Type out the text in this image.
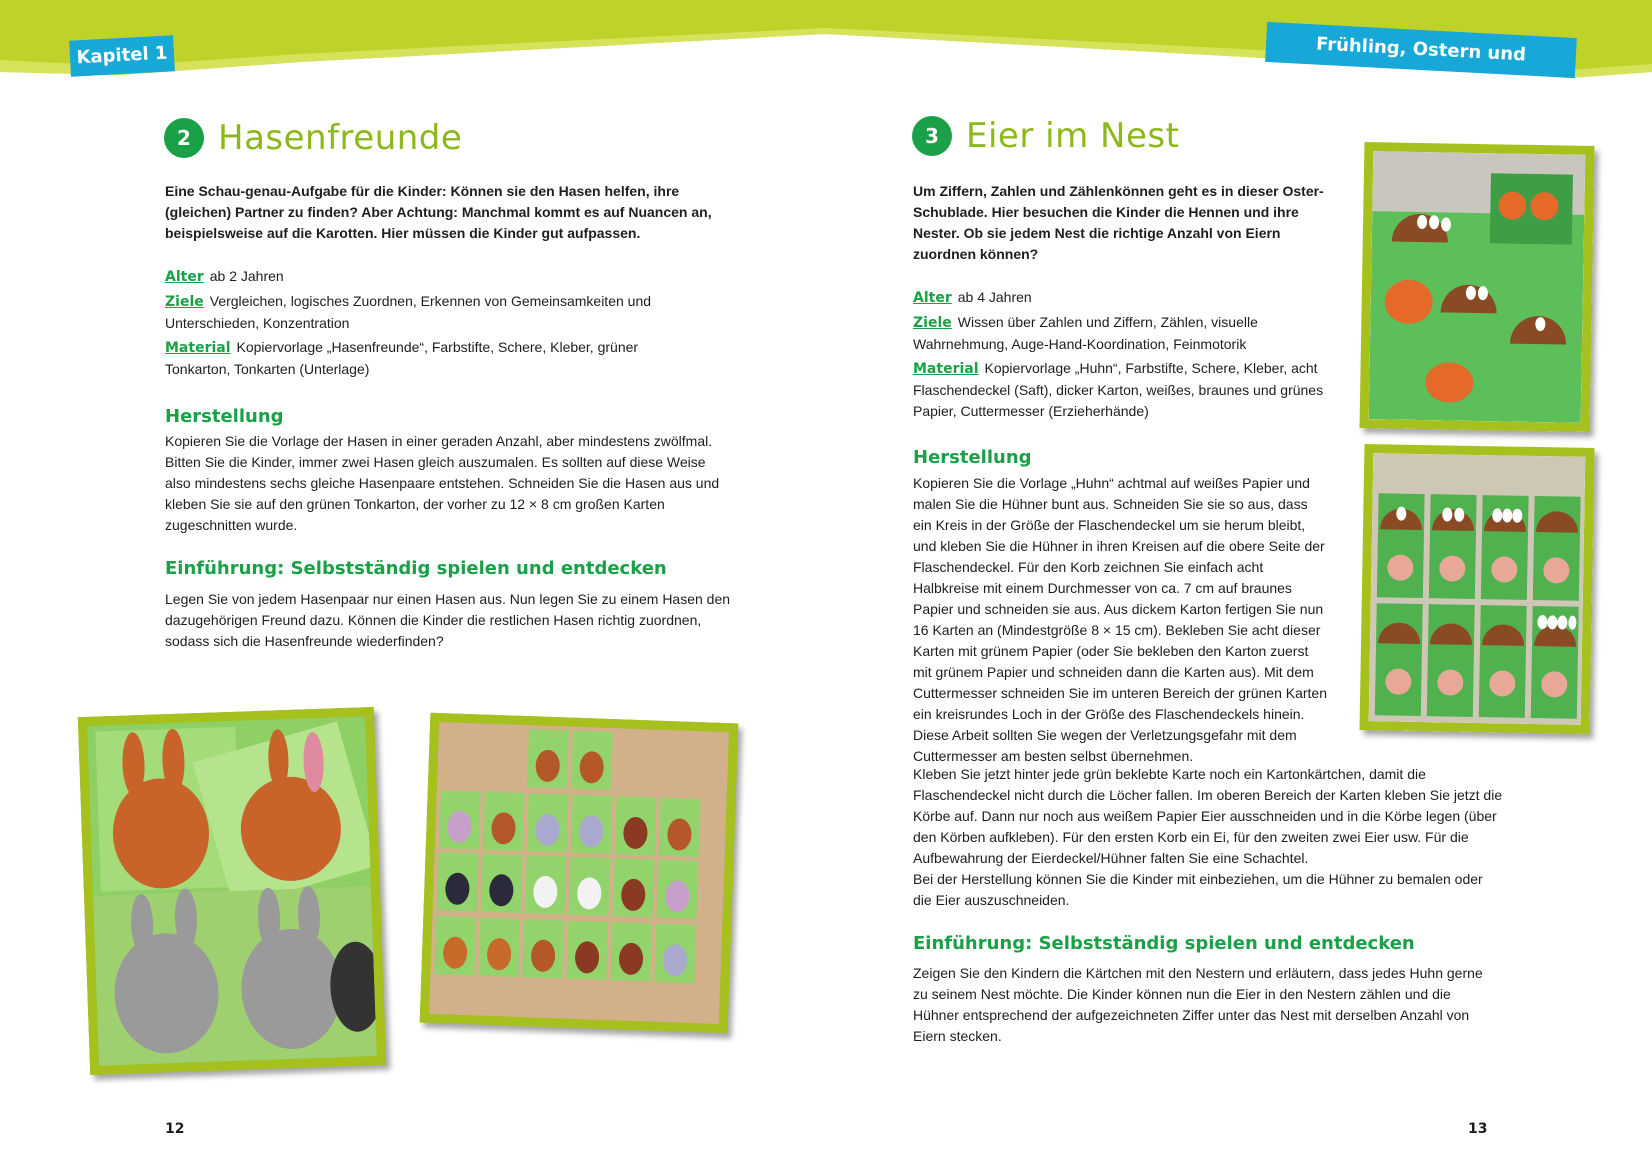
Kapitel 1	Frühling, Ostern und Geburtstage
2 Hasenfreunde

Eine Schau-genau-Aufgabe für die Kinder: Können sie den Hasen helfen, ihre (gleichen) Partner zu finden? Aber Achtung: Manchmal kommt es auf Nuancen an, beispielsweise auf die Karotten. Hier müssen die Kinder gut aufpassen.

Alter ab 2 Jahren

Ziele Vergleichen, logisches Zuordnen, Erkennen von Gemeinsamkeiten und Unterschieden, Konzentration

Material Kopiervorlage „Hasenfreunde“, Farbstifte, Schere, Kleber, grüner Tonkarton, Tonkarten (Unterlage)

Herstellung

Kopieren Sie die Vorlage der Hasen in einer geraden Anzahl, aber mindestens zwölfmal. Bitten Sie die Kinder, immer zwei Hasen gleich auszumalen. Es sollten auf diese Weise also mindestens sechs gleiche Hasenpaare entstehen. Schneiden Sie die Hasen aus und kleben Sie sie auf den grünen Tonkarton, der vorher zu 12 × 8 cm großen Karten zugeschnitten wurde.

Einführung: Selbstständig spielen und entdecken

Legen Sie von jedem Hasenpaar nur einen Hasen aus. Nun legen Sie zu einem Hasen den dazugehörigen Freund dazu. Können die Kinder die restlichen Hasen richtig zuordnen, sodass sich die Hasenfreunde wiederfinden?

12
3 Eier im Nest

Um Ziffern, Zahlen und Zählenkönnen geht es in dieser Oster-Schublade. Hier besuchen die Kinder die Hennen und ihre Nester. Ob sie jedem Nest die richtige Anzahl von Eiern zuordnen können?

Alter ab 4 Jahren

Ziele Wissen über Zahlen und Ziffern, Zählen, visuelle Wahrnehmung, Auge-Hand-Koordination, Feinmotorik

Material Kopiervorlage „Huhn“, Farbstifte, Schere, Kleber, acht Flaschendeckel (Saft), dicker Karton, weißes, braunes und grünes Papier, Cuttermesser (Erzieherhände)

Herstellung

Kopieren Sie die Vorlage „Huhn“ achtmal auf weißes Papier und malen Sie die Hühner bunt aus. Schneiden Sie sie so aus, dass ein Kreis in der Größe der Flaschendeckel um sie herum bleibt, und kleben Sie die Hühner in ihren Kreisen auf die obere Seite der Flaschendeckel. Für den Korb zeichnen Sie einfach acht Halbkreise mit einem Durchmesser von ca. 7 cm auf braunes Papier und schneiden sie aus. Aus dickem Karton fertigen Sie nun 16 Karten an (Mindestgröße 8 × 15 cm). Bekleben Sie acht dieser Karten mit grünem Papier (oder Sie bekleben den Karton zuerst mit grünem Papier und schneiden dann die Karten aus). Mit dem Cuttermesser schneiden Sie im unteren Bereich der grünen Karten ein kreisrundes Loch in der Größe des Flaschendeckels hinein. Diese Arbeit sollten Sie wegen der Verletzungsgefahr mit dem Cuttermesser am besten selbst übernehmen.

Kleben Sie jetzt hinter jede grün beklebte Karte noch ein Kartonkärtchen, damit die Flaschendeckel nicht durch die Löcher fallen. Im oberen Bereich der Karten kleben Sie jetzt die Körbe auf. Dann nur noch aus weißem Papier Eier ausschneiden und in die Körbe legen (über den Körben aufkleben). Für den ersten Korb ein Ei, für den zweiten zwei Eier usw. Für die Aufbewahrung der Eierdeckel/Hühner falten Sie eine Schachtel.

Bei der Herstellung können Sie die Kinder mit einbeziehen, um die Hühner zu bemalen oder die Eier auszuschneiden.

Einführung: Selbstständig spielen und entdecken

Zeigen Sie den Kindern die Kärtchen mit den Nestern und erläutern, dass jedes Huhn gerne zu seinem Nest möchte. Die Kinder können nun die Eier in den Nestern zählen und die Hühner entsprechend der aufgezeichneten Ziffer unter das Nest mit derselben Anzahl von Eiern stecken.

13
